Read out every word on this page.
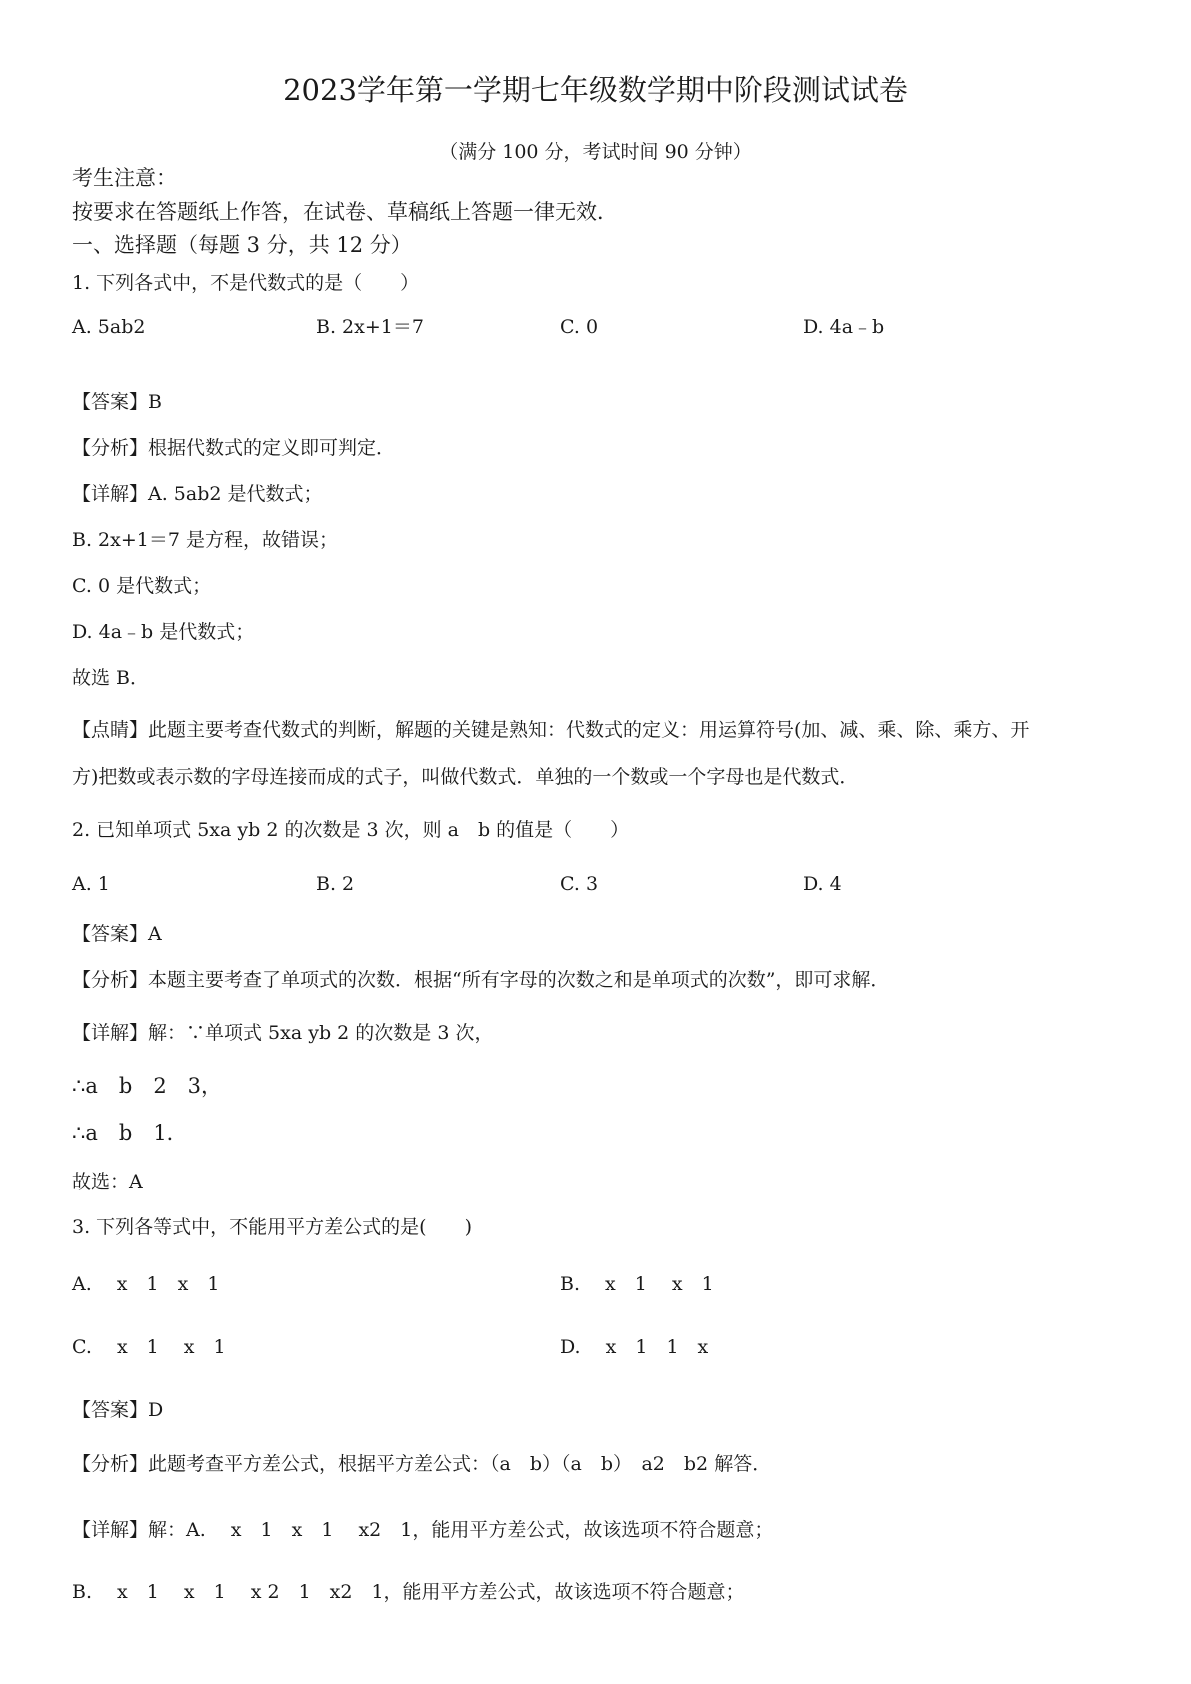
2023学年第一学期七年级数学期中阶段测试试卷
（满分 100 分，考试时间 90 分钟）
考生注意：
按要求在答题纸上作答，在试卷、草稿纸上答题一律无效．
一、选择题（每题 3 分，共 12 分）
1. 下列各式中，不是代数式的是（　　）
A. 5ab2	B. 2x+1＝7	C. 0	D. 4a﹣b
【答案】B
【分析】根据代数式的定义即可判定．
【详解】A. 5ab2 是代数式；
B. 2x+1＝7 是方程，故错误；
C. 0 是代数式；
D. 4a﹣b 是代数式；
故选 B．
【点睛】此题主要考查代数式的判断，解题的关键是熟知：代数式的定义：用运算符号(加、减、乘、除、乘方、开
方)把数或表示数的字母连接而成的式子，叫做代数式．单独的一个数或一个字母也是代数式．
2. 已知单项式 5xa yb 2 的次数是 3 次，则 a　b 的值是（　　）
A. 1	B. 2	C. 3	D. 4
【答案】A
【分析】本题主要考查了单项式的次数．根据“所有字母的次数之和是单项式的次数”，即可求解．
【详解】解：∵单项式 5xa yb 2 的次数是 3 次，
∴a　b　2　3，
∴a　b　1．
故选：A
3. 下列各等式中，不能用平方差公式的是(　　)
A.　 x　1　x　1	B.　 x　1　 x　1
C.　 x　1　 x　1	D.　 x　1　1　x
【答案】D
【分析】此题考查平方差公式，根据平方差公式：（a　b）（a　b）　a2　b2 解答．
【详解】解：A.　 x　1　x　1　 x2　1，能用平方差公式，故该选项不符合题意；
B.　 x　1　 x　1　 x 2　1　x2　1，能用平方差公式，故该选项不符合题意；
